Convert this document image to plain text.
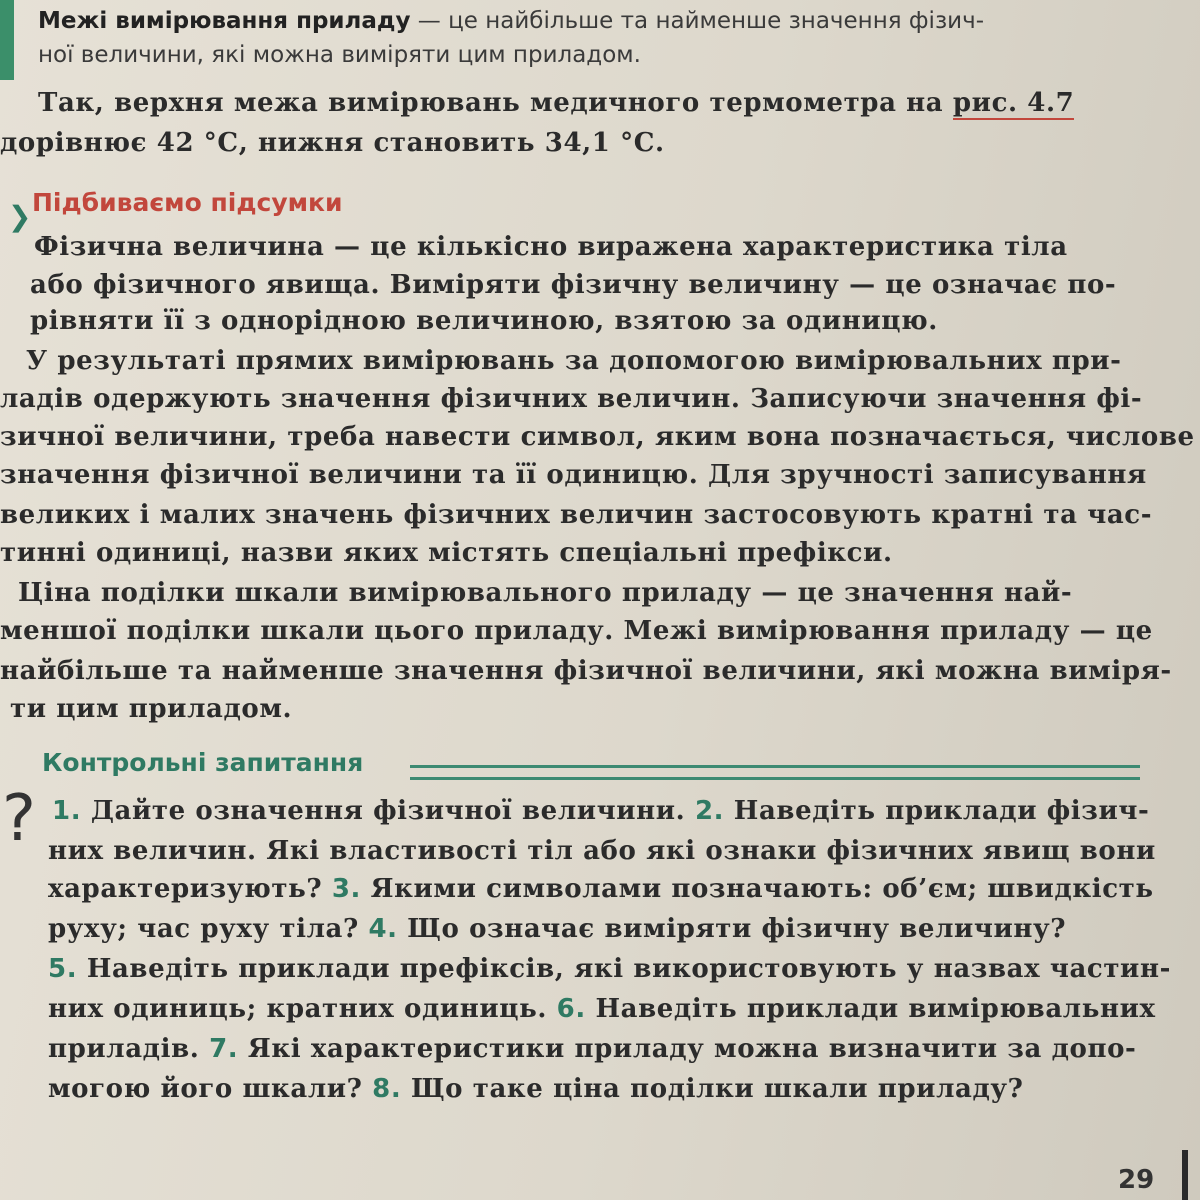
Межі вимірювання приладу — це найбільше та найменше значення фізич-
ної величини, які можна виміряти цим приладом.
Так, верхня межа вимірювань медичного термометра на рис. 4.7
дорівнює 42 °С, нижня становить 34,1 °С.
❯ Підбиваємо підсумки
Фізична величина — це кількісно виражена характеристика тіла
або фізичного явища. Виміряти фізичну величину — це означає по-
рівняти її з однорідною величиною, взятою за одиницю.
У результаті прямих вимірювань за допомогою вимірювальних при-
ладів одержують значення фізичних величин. Записуючи значення фі-
зичної величини, треба навести символ, яким вона позначається, числове
значення фізичної величини та її одиницю. Для зручності записування
великих і малих значень фізичних величин застосовують кратні та час-
тинні одиниці, назви яких містять спеціальні префікси.
Ціна поділки шкали вимірювального приладу — це значення най-
меншої поділки шкали цього приладу. Межі вимірювання приладу — це
найбільше та найменше значення фізичної величини, які можна виміря-
ти цим приладом.
Контрольні запитання
? 1. Дайте означення фізичної величини. 2. Наведіть приклади фізич-
них величин. Які властивості тіл або які ознаки фізичних явищ вони
характеризують? 3. Якими символами позначають: об’єм; швидкість
руху; час руху тіла? 4. Що означає виміряти фізичну величину?
5. Наведіть приклади префіксів, які використовують у назвах частин-
них одиниць; кратних одиниць. 6. Наведіть приклади вимірювальних
приладів. 7. Які характеристики приладу можна визначити за допо-
могою його шкали? 8. Що таке ціна поділки шкали приладу?
29
